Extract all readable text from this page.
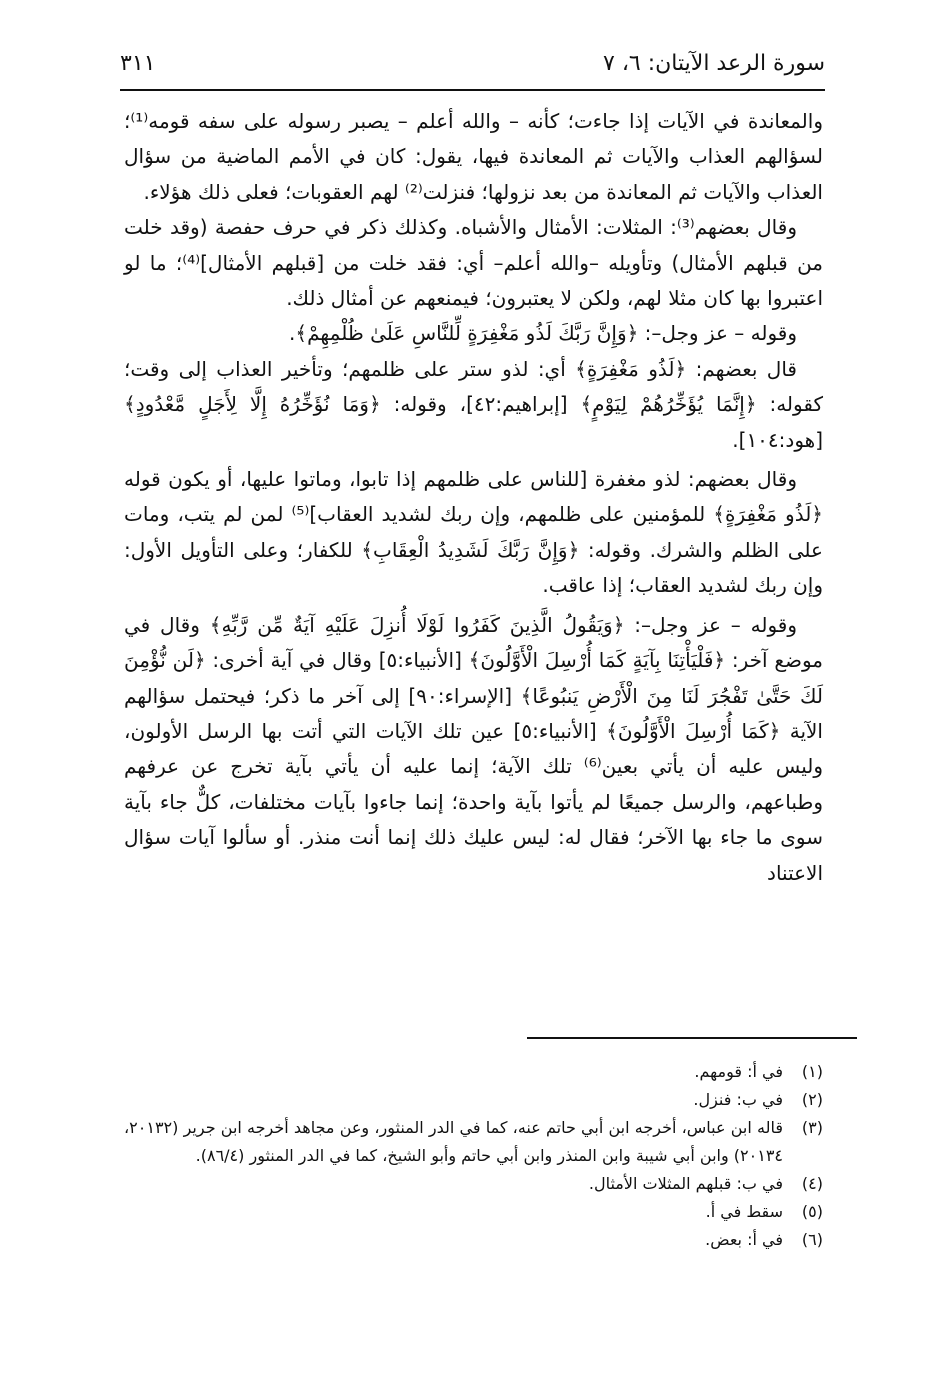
سورة الرعد الآيتان: ٦، ٧
٣١١

والمعاندة في الآيات إذا جاءت؛ كأنه – والله أعلم – يصبر رسوله على سفه قومه⁽¹⁾؛ لسؤالهم العذاب والآيات ثم المعاندة فيها، يقول: كان في الأمم الماضية من سؤال العذاب والآيات ثم المعاندة من بعد نزولها؛ فنزلت⁽²⁾ لهم العقوبات؛ فعلى ذلك هؤلاء.

وقال بعضهم⁽³⁾: المثلات: الأمثال والأشباه. وكذلك ذكر في حرف حفصة (وقد خلت من قبلهم الأمثال) وتأويله –والله أعلم– أي: فقد خلت من [قبلهم الأمثال]⁽⁴⁾؛ ما لو اعتبروا بها كان مثلا لهم، ولكن لا يعتبرون؛ فيمنعهم عن أمثال ذلك.

وقوله – عز وجل–: ﴿وَإِنَّ رَبَّكَ لَذُو مَغْفِرَةٍ لِّلنَّاسِ عَلَىٰ ظُلْمِهِمْ﴾.

قال بعضهم: ﴿لَذُو مَغْفِرَةٍ﴾ أي: لذو ستر على ظلمهم؛ وتأخير العذاب إلى وقت؛ كقوله: ﴿إِنَّمَا يُؤَخِّرُهُمْ لِيَوْمٍ﴾ [إبراهيم:٤٢]، وقوله: ﴿وَمَا نُؤَخِّرُهُ إِلَّا لِأَجَلٍ مَّعْدُودٍ﴾ [هود:١٠٤].

وقال بعضهم: لذو مغفرة [للناس على ظلمهم إذا تابوا، وماتوا عليها، أو يكون قوله ﴿لَذُو مَغْفِرَةٍ﴾ للمؤمنين على ظلمهم، وإن ربك لشديد العقاب]⁽⁵⁾ لمن لم يتب، ومات على الظلم والشرك. وقوله: ﴿وَإِنَّ رَبَّكَ لَشَدِيدُ الْعِقَابِ﴾ للكفار؛ وعلى التأويل الأول: وإن ربك لشديد العقاب؛ إذا عاقب.

وقوله – عز وجل–: ﴿وَيَقُولُ الَّذِينَ كَفَرُوا لَوْلَا أُنزِلَ عَلَيْهِ آيَةٌ مِّن رَّبِّهِ﴾ وقال في موضع آخر: ﴿فَلْيَأْتِنَا بِآيَةٍ كَمَا أُرْسِلَ الْأَوَّلُونَ﴾ [الأنبياء:٥] وقال في آية أخرى: ﴿لَن نُّؤْمِنَ لَكَ حَتَّىٰ تَفْجُرَ لَنَا مِنَ الْأَرْضِ يَنبُوعًا﴾ [الإسراء:٩٠] إلى آخر ما ذكر؛ فيحتمل سؤالهم الآية ﴿كَمَا أُرْسِلَ الْأَوَّلُونَ﴾ [الأنبياء:٥] عين تلك الآيات التي أتت بها الرسل الأولون، وليس عليه أن يأتي بعين⁽⁶⁾ تلك الآية؛ إنما عليه أن يأتي بآية تخرج عن عرفهم وطباعهم، والرسل جميعًا لم يأتوا بآية واحدة؛ إنما جاءوا بآيات مختلفات، كلٌّ جاء بآية سوى ما جاء بها الآخر؛ فقال له: ليس عليك ذلك إنما أنت منذر. أو سألوا آيات سؤال الاعتناد

(١)
في أ: قومهم.
(٢)
في ب: فنزل.
(٣)
قاله ابن عباس، أخرجه ابن أبي حاتم عنه، كما في الدر المنثور، وعن مجاهد أخرجه ابن جرير (٢٠١٣٢، ٢٠١٣٤) وابن أبي شيبة وابن المنذر وابن أبي حاتم وأبو الشيخ، كما في الدر المنثور (٨٦/٤).
(٤)
في ب: قبلهم المثلات الأمثال.
(٥)
سقط في أ.
(٦)
في أ: بعض.
